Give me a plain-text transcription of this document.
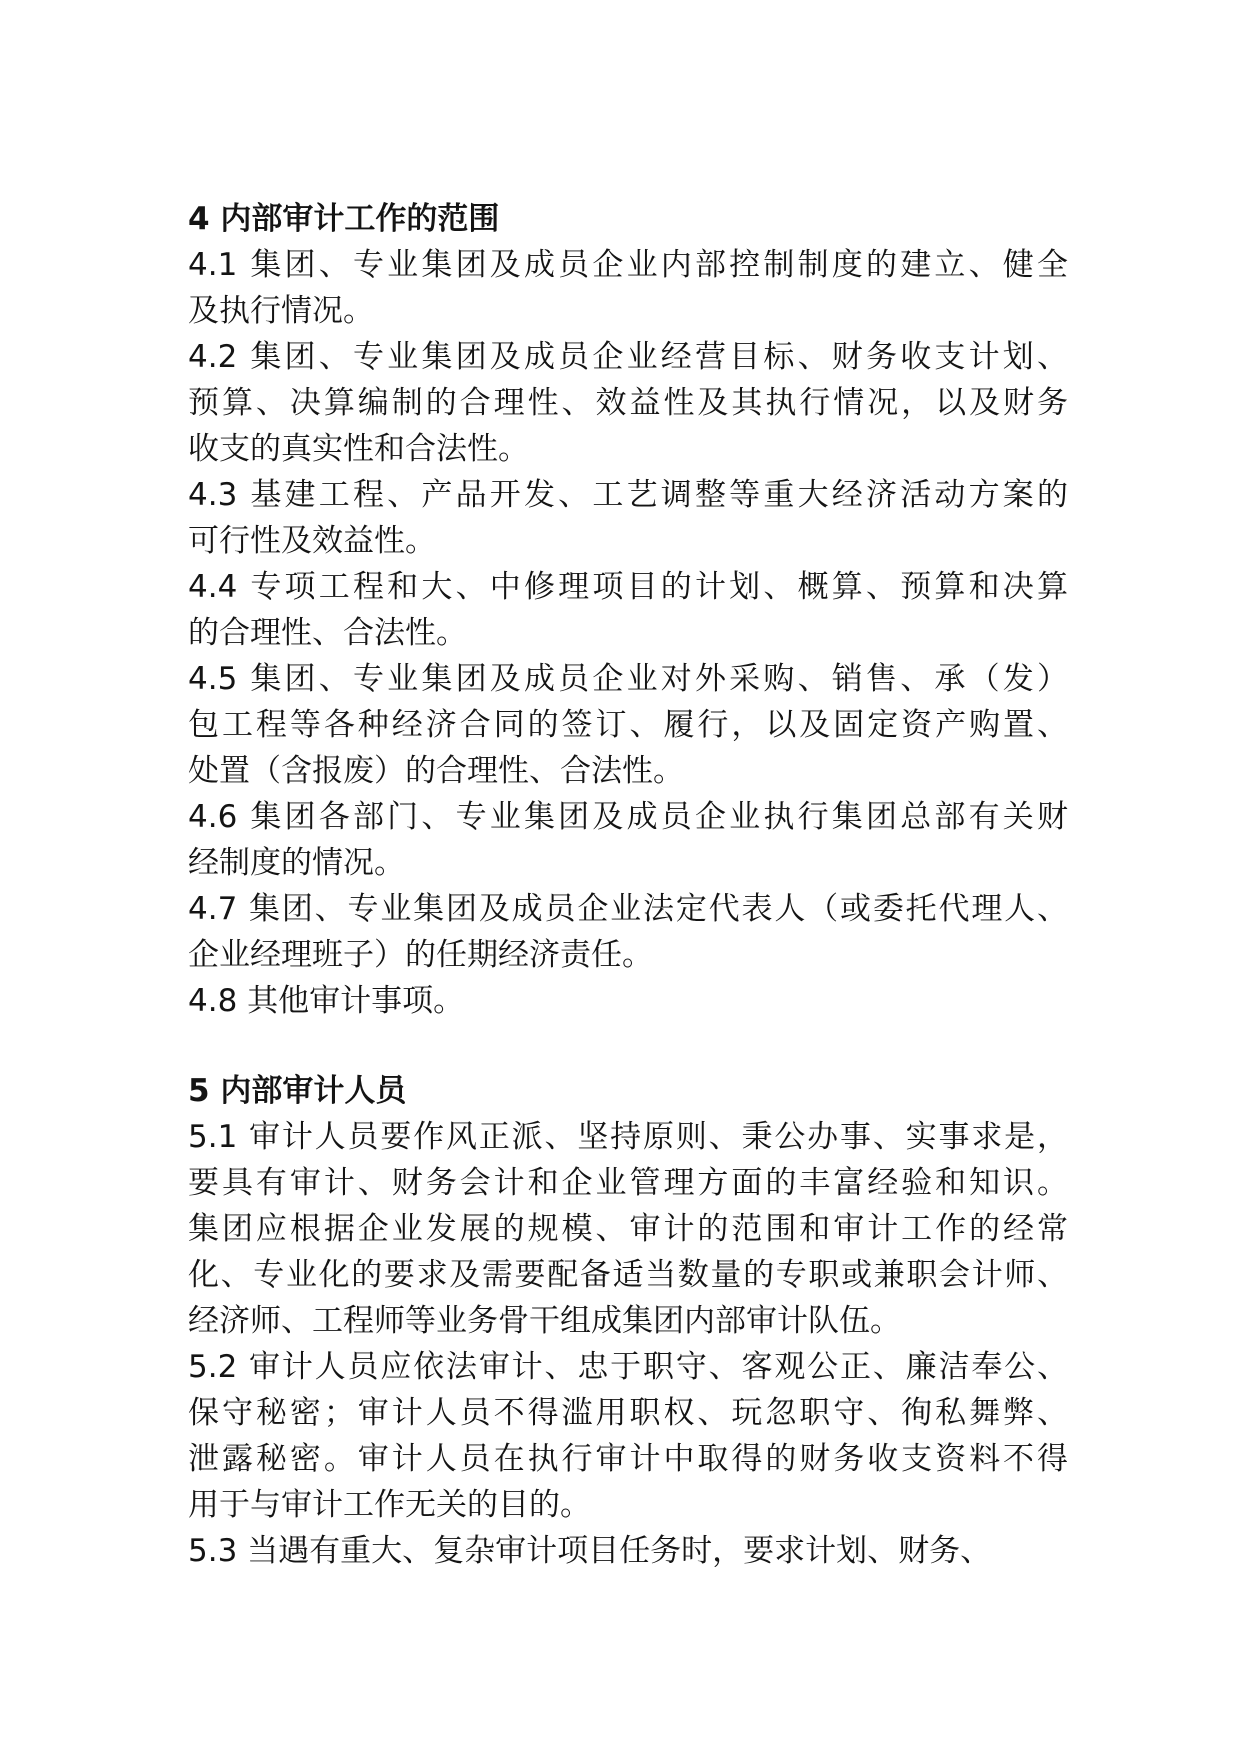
4 内部审计工作的范围

4.1 集团、专业集团及成员企业内部控制制度的建立、健全
及执行情况。

4.2 集团、专业集团及成员企业经营目标、财务收支计划、
预算、决算编制的合理性、效益性及其执行情况，以及财务
收支的真实性和合法性。

4.3 基建工程、产品开发、工艺调整等重大经济活动方案的
可行性及效益性。

4.4 专项工程和大、中修理项目的计划、概算、预算和决算
的合理性、合法性。

4.5 集团、专业集团及成员企业对外采购、销售、承（发）
包工程等各种经济合同的签订、履行，以及固定资产购置、
处置（含报废）的合理性、合法性。

4.6 集团各部门、专业集团及成员企业执行集团总部有关财
经制度的情况。

4.7 集团、专业集团及成员企业法定代表人（或委托代理人、
企业经理班子）的任期经济责任。

4.8 其他审计事项。

5 内部审计人员

5.1 审计人员要作风正派、坚持原则、秉公办事、实事求是，
要具有审计、财务会计和企业管理方面的丰富经验和知识。
集团应根据企业发展的规模、审计的范围和审计工作的经常
化、专业化的要求及需要配备适当数量的专职或兼职会计师、
经济师、工程师等业务骨干组成集团内部审计队伍。

5.2 审计人员应依法审计、忠于职守、客观公正、廉洁奉公、
保守秘密；审计人员不得滥用职权、玩忽职守、徇私舞弊、
泄露秘密。审计人员在执行审计中取得的财务收支资料不得
用于与审计工作无关的目的。

5.3 当遇有重大、复杂审计项目任务时，要求计划、财务、
